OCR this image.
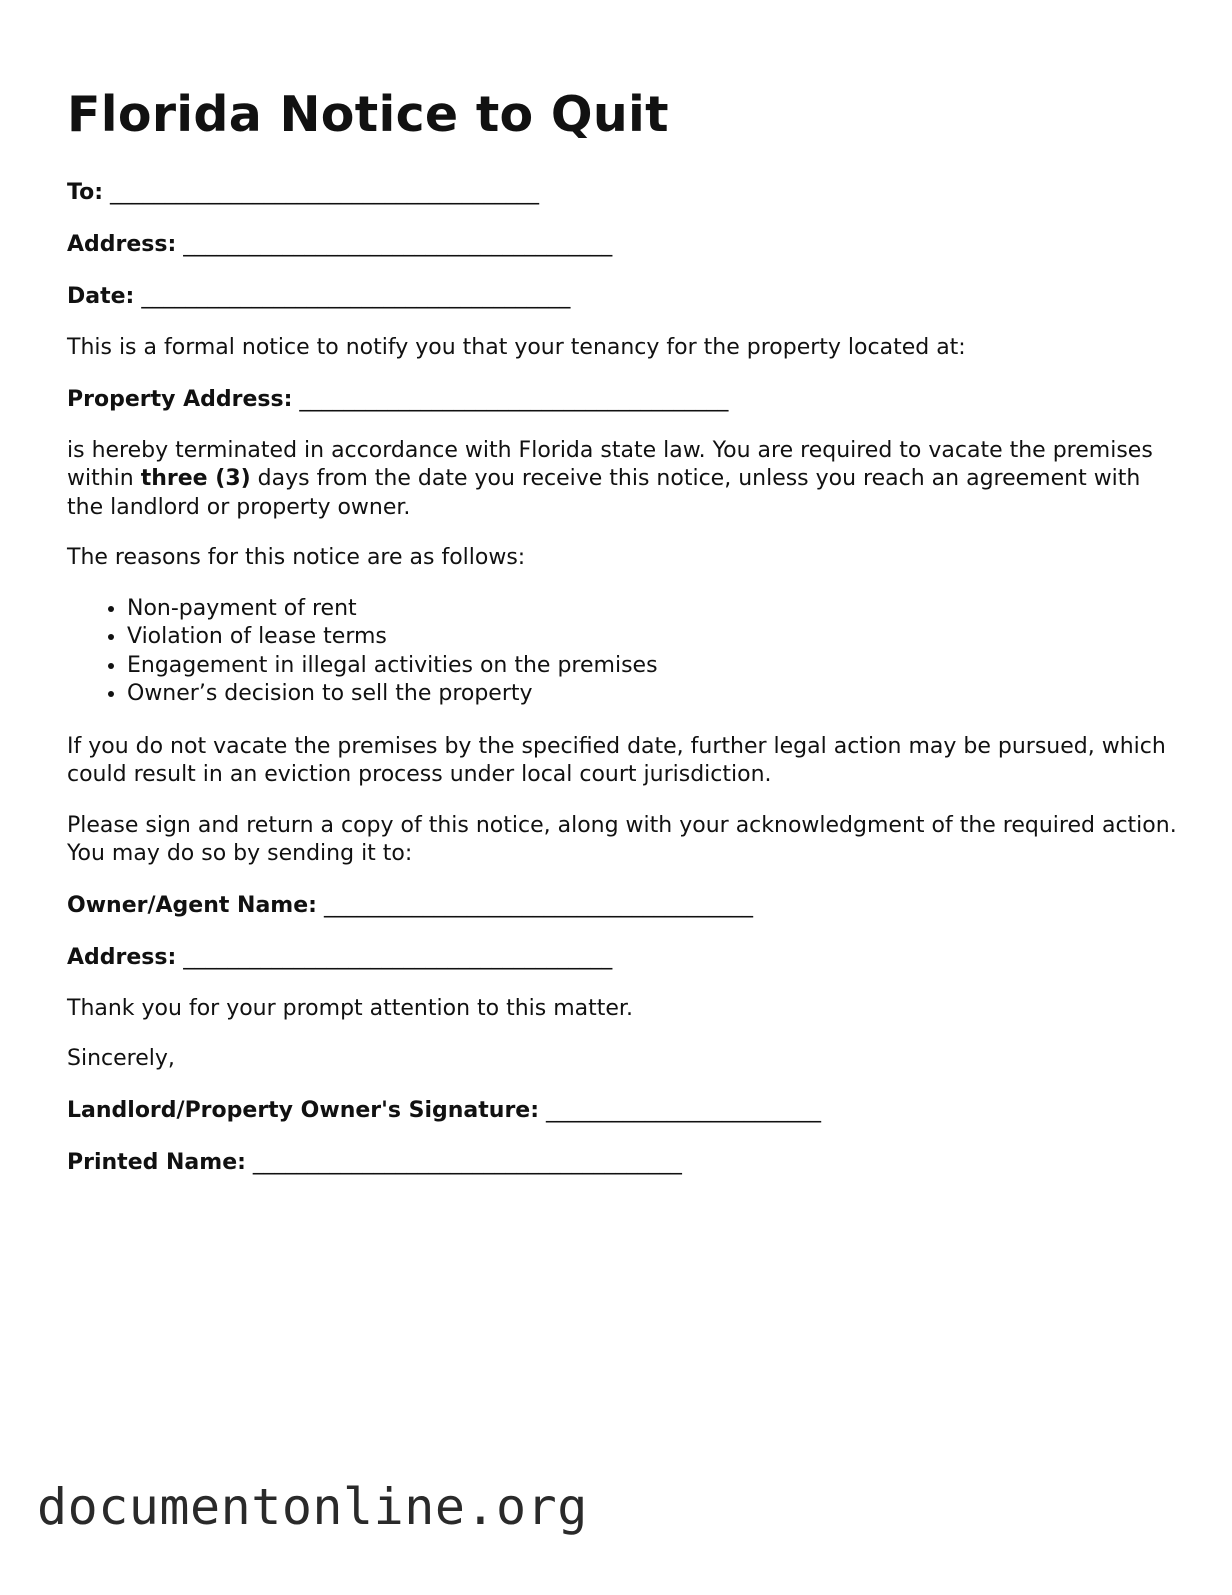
Florida Notice to Quit
To: _______________________________________
Address: _______________________________________
Date: _______________________________________

This is a formal notice to notify you that your tenancy for the property located at:

Property Address: _______________________________________

is hereby terminated in accordance with Florida state law. You are required to vacate the premises within three (3) days from the date you receive this notice, unless you reach an agreement with the landlord or property owner.

The reasons for this notice are as follows:

• Non-payment of rent
• Violation of lease terms
• Engagement in illegal activities on the premises
• Owner’s decision to sell the property

If you do not vacate the premises by the specified date, further legal action may be pursued, which could result in an eviction process under local court jurisdiction.

Please sign and return a copy of this notice, along with your acknowledgment of the required action. You may do so by sending it to:

Owner/Agent Name: _______________________________________
Address: _______________________________________

Thank you for your prompt attention to this matter.

Sincerely,

Landlord/Property Owner's Signature: _________________________
Printed Name: _______________________________________
documentonline.org
